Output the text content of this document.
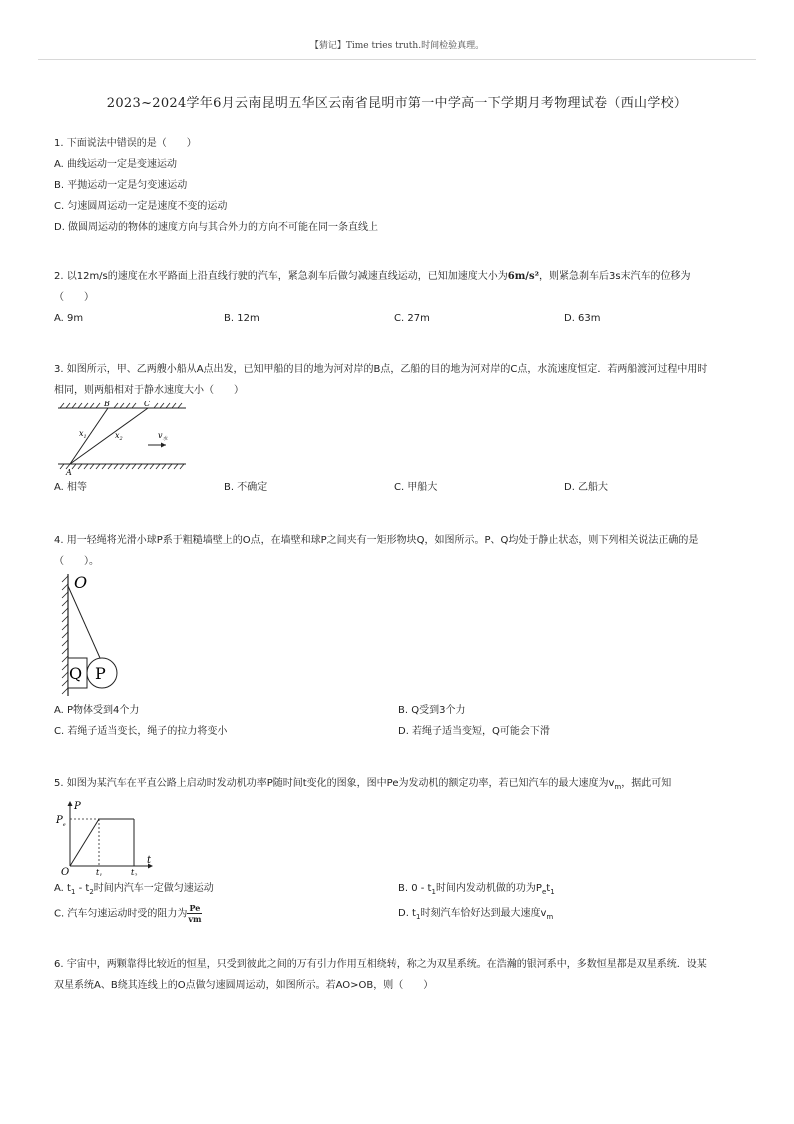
【猜记】Time tries truth.时间检验真理。
2023~2024学年6月云南昆明五华区云南省昆明市第一中学高一下学期月考物理试卷（西山学校）

1. 下面说法中错误的是（　　）

A. 曲线运动一定是变速运动

B. 平抛运动一定是匀变速运动

C. 匀速圆周运动一定是速度不变的运动

D. 做圆周运动的物体的速度方向与其合外力的方向不可能在同一条直线上

2. 以12m/s的速度在水平路面上沿直线行驶的汽车，紧急刹车后做匀减速直线运动，已知加速度大小为6m/s²，则紧急刹车后3s末汽车的位移为

（　　）

A. 9m	B. 12m	C. 27m	D. 63m

3. 如图所示，甲、乙两艘小船从A点出发，已知甲船的目的地为河对岸的B点，乙船的目的地为河对岸的C点，水流速度恒定．若两船渡河过程中用时

相同，则两船相对于静水速度大小（　　）

B	C
A
$x_1$	$x_2$	$v_水$

A. 相等	B. 不确定	C. 甲船大	D. 乙船大

4. 用一轻绳将光滑小球P系于粗糙墙壁上的O点，在墙壁和球P之间夹有一矩形物块Q，如图所示。P、Q均处于静止状态，则下列相关说法正确的是

（　　）。

O
Q P

A. P物体受到4个力	B. Q受到3个力

C. 若绳子适当变长，绳子的拉力将变小	D. 若绳子适当变短，Q可能会下滑

5. 如图为某汽车在平直公路上启动时发动机功率P随时间t变化的图象，图中Pe为发动机的额定功率，若已知汽车的最大速度为$v_m$，据此可知

P
$P_e$
O
t
$t_1$	$t_2$

A. $t_1 - t_2$时间内汽车一定做匀速运动	B. $0 - t_1$时间内发动机做的功为$P_et_1$

C. 汽车匀速运动时受的阻力为 $\frac{Pe}{vm}$	D. $t_1$时刻汽车恰好达到最大速度$v_m$

6. 宇宙中，两颗靠得比较近的恒星，只受到彼此之间的万有引力作用互相绕转，称之为双星系统。在浩瀚的银河系中，多数恒星都是双星系统．设某

双星系统A、B绕其连线上的O点做匀速圆周运动，如图所示。若AO>OB，则（　　）
